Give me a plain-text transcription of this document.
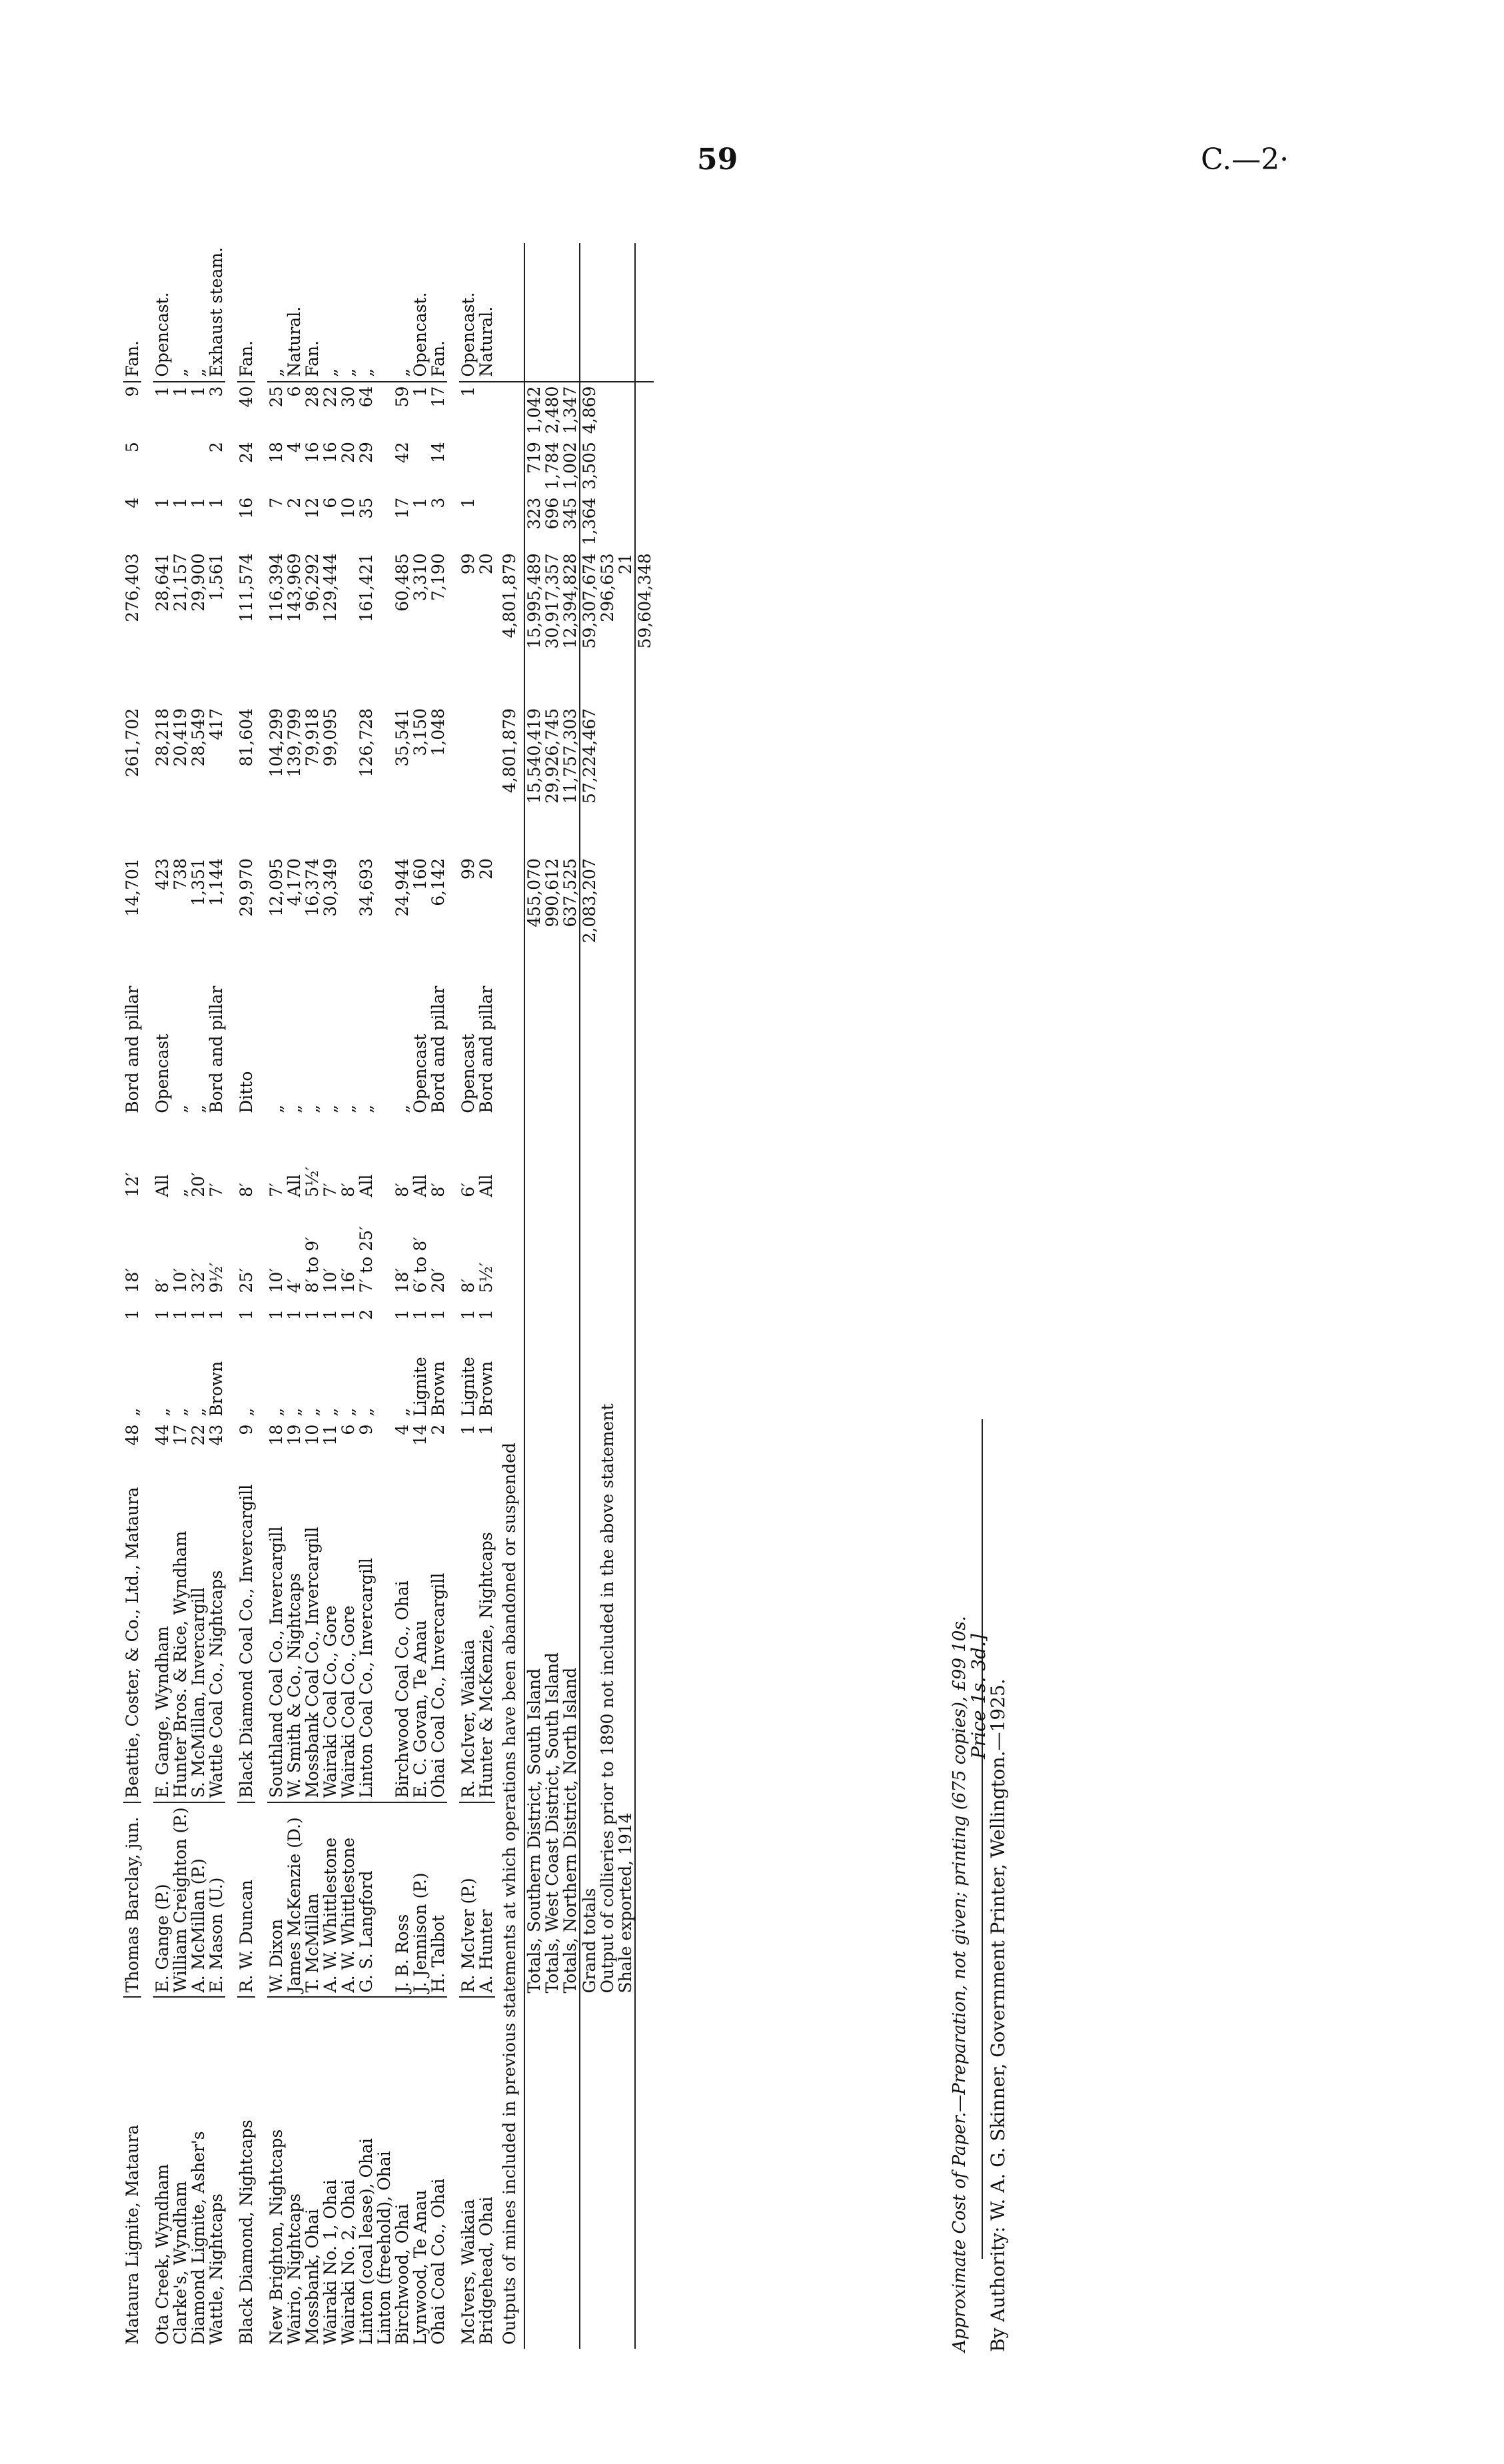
59	C.—2·
Mataura Lignite, Mataura	Thomas Barclay, jun.	Beattie, Coster, & Co., Ltd., Mataura	48	„	1	18′	12′	Bord and pillar	14,701	261,702	276,403	4	5	9	Fan.

Ota Creek, Wyndham	E. Gange (P.)	E. Gange, Wyndham	44	„	1	8′	All	Opencast	423	28,218	28,641	1		1	Opencast.
Clarke's, Wyndham	William Creighton (P.)	Hunter Bros. & Rice, Wyndham	17	„	1	10′	„	„	738	20,419	21,157	1		1	„
Diamond Lignite, Asher's	A. McMillan (P.)	S. McMillan, Invercargill	22	„	1	32′	20′	„	1,351	28,549	29,900	1		1	„
Wattle, Nightcaps	E. Mason (U.)	Wattle Coal Co., Nightcaps	43	Brown	1	9½′	7′	Bord and pillar	1,144	417	1,561	1	2	3	Exhaust steam.

Black Diamond, Nightcaps	R. W. Duncan	Black Diamond Coal Co., Invercargill	9	„	1	25′	8′	Ditto	29,970	81,604	111,574	16	24	40	Fan.

New Brighton, Nightcaps	W. Dixon	Southland Coal Co., Invercargill	18	„	1	10′	7′	„	12,095	104,299	116,394	7	18	25	„
Wairio, Nightcaps	James McKenzie (D.)	W. Smith & Co., Nightcaps	19	„	1	4′	All	„	4,170	139,799	143,969	2	4	6	Natural.
Mossbank, Ohai	T. McMillan	Mossbank Coal Co., Invercargill	10	„	1	8′ to 9′	5½′	„	16,374	79,918	96,292	12	16	28	Fan.
Wairaki No. 1, Ohai	A. W. Whittlestone	Wairaki Coal Co., Gore	11	„	1	10′	7′	„	30,349	99,095	129,444	6	16	22	„
Wairaki No. 2, Ohai	A. W. Whittlestone	Wairaki Coal Co., Gore	6	„	1	16′	8′	„				10	20	30	„
Linton (coal lease), Ohai	G. S. Langford	Linton Coal Co., Invercargill	9	„	2	7′ to 25′	All	„	34,693	126,728	161,421	35	29	64	„
Linton (freehold), Ohai															
Birchwood, Ohai	J. B. Ross	Birchwood Coal Co., Ohai	4	„	1	18′	8′	„	24,944	35,541	60,485	17	42	59	„
Lynwood, Te Anau	J. Jennison (P.)	E. C. Govan, Te Anau	14	Lignite	1	6′ to 8′	All	Opencast	160	3,150	3,310	1		1	Opencast.
Ohai Coal Co., Ohai	H. Talbot	Ohai Coal Co., Invercargill	2	Brown	1	20′	8′	Bord and pillar	6,142	1,048	7,190	3	14	17	Fan.

McIvers, Waikaia	R. McIver (P.)	R. McIver, Waikaia	1	Lignite	1	8′	6′	Opencast	99		99	1		1	Opencast.
Bridgehead, Ohai	A. Hunter	Hunter & McKenzie, Nightcaps	1	Brown	1	5½′	All	Bord and pillar	20		20				Natural.
Outputs of mines included in previous statements at which operations have been abandoned or suspended										4,801,879	4,801,879				
	Totals, Southern District, South Island								455,070	15,540,419	15,995,489	323	719	1,042	
	Totals, West Coast District, South Island								990,612	29,926,745	30,917,357	696	1,784	2,480	
	Totals, Northern District, North Island								637,525	11,757,303	12,394,828	345	1,002	1,347	
	Grand totals								2,083,207	57,224,467	59,307,674	1,364	3,505	4,869	
	Output of collieries prior to 1890 not included in the above statement										296,653				
	Shale exported, 1914										21				
											59,604,348				
Approximate Cost of Paper.—Preparation, not given; printing (675 copies), £99 10s. By Authority: W. A. G. Skinner, Government Printer, Wellington.—1925.
Price 1s. 3d.]
